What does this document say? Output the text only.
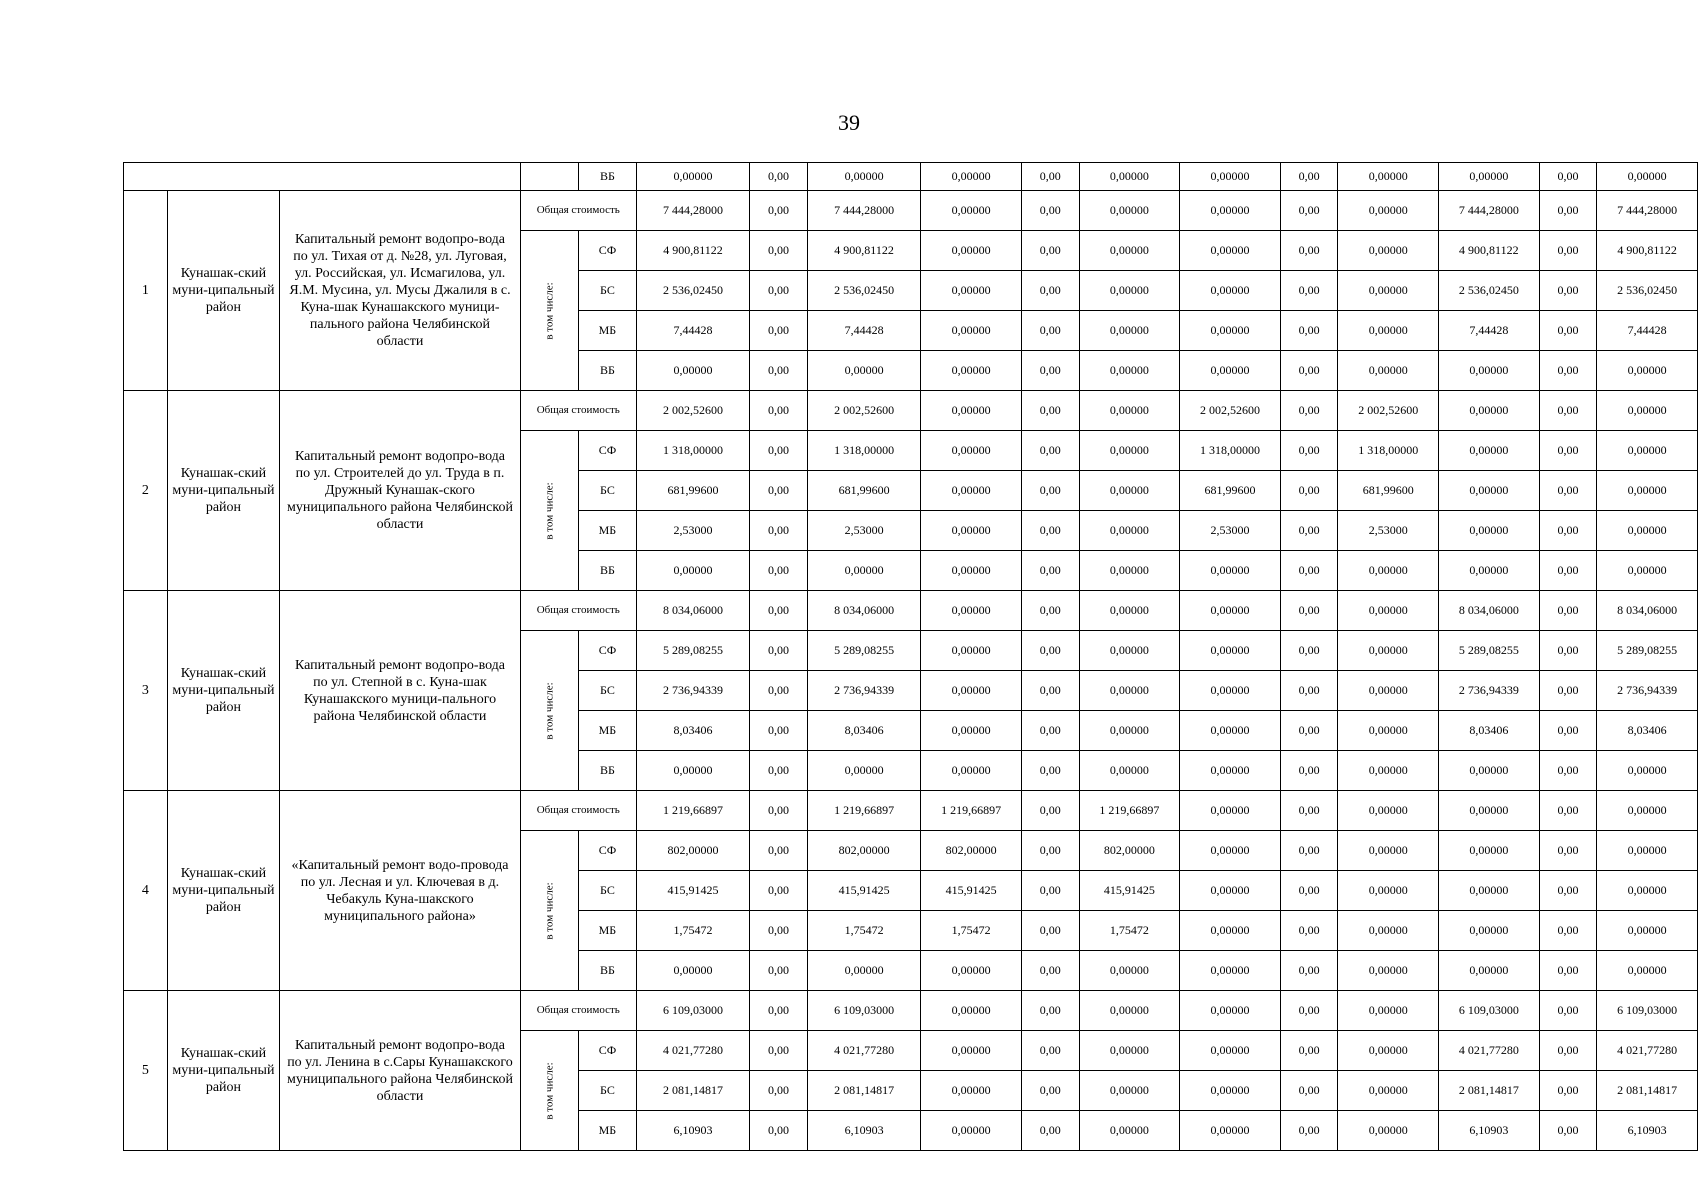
39
				ВБ	0,00000	0,00	0,00000	0,00000	0,00	0,00000	0,00000	0,00	0,00000	0,00000	0,00	0,00000
1	Кунашак-ский муни-ципальный район	Капитальный ремонт водопро-вода по ул. Тихая от д. №28, ул. Луговая, ул. Российская, ул. Исмагилова, ул. Я.М. Мусина, ул. Мусы Джалиля в с. Куна-шак Кунашакского муници-пального района Челябинской области	Общая стоимость		7 444,28000	0,00	7 444,28000	0,00000	0,00	0,00000	0,00000	0,00	0,00000	7 444,28000	0,00	7 444,28000
			в том числе:	СФ	4 900,81122	0,00	4 900,81122	0,00000	0,00	0,00000	0,00000	0,00	0,00000	4 900,81122	0,00	4 900,81122
				БС	2 536,02450	0,00	2 536,02450	0,00000	0,00	0,00000	0,00000	0,00	0,00000	2 536,02450	0,00	2 536,02450
				МБ	7,44428	0,00	7,44428	0,00000	0,00	0,00000	0,00000	0,00	0,00000	7,44428	0,00	7,44428
				ВБ	0,00000	0,00	0,00000	0,00000	0,00	0,00000	0,00000	0,00	0,00000	0,00000	0,00	0,00000
2	Кунашак-ский муни-ципальный район	Капитальный ремонт водопро-вода по ул. Строителей до ул. Труда в п. Дружный Кунашак-ского муниципального района Челябинской области	Общая стоимость		2 002,52600	0,00	2 002,52600	0,00000	0,00	0,00000	2 002,52600	0,00	2 002,52600	0,00000	0,00	0,00000
			в том числе:	СФ	1 318,00000	0,00	1 318,00000	0,00000	0,00	0,00000	1 318,00000	0,00	1 318,00000	0,00000	0,00	0,00000
				БС	681,99600	0,00	681,99600	0,00000	0,00	0,00000	681,99600	0,00	681,99600	0,00000	0,00	0,00000
				МБ	2,53000	0,00	2,53000	0,00000	0,00	0,00000	2,53000	0,00	2,53000	0,00000	0,00	0,00000
				ВБ	0,00000	0,00	0,00000	0,00000	0,00	0,00000	0,00000	0,00	0,00000	0,00000	0,00	0,00000
3	Кунашак-ский муни-ципальный район	Капитальный ремонт водопро-вода по ул. Степной в с. Куна-шак Кунашакского муници-пального района Челябинской области	Общая стоимость		8 034,06000	0,00	8 034,06000	0,00000	0,00	0,00000	0,00000	0,00	0,00000	8 034,06000	0,00	8 034,06000
			в том числе:	СФ	5 289,08255	0,00	5 289,08255	0,00000	0,00	0,00000	0,00000	0,00	0,00000	5 289,08255	0,00	5 289,08255
				БС	2 736,94339	0,00	2 736,94339	0,00000	0,00	0,00000	0,00000	0,00	0,00000	2 736,94339	0,00	2 736,94339
				МБ	8,03406	0,00	8,03406	0,00000	0,00	0,00000	0,00000	0,00	0,00000	8,03406	0,00	8,03406
				ВБ	0,00000	0,00	0,00000	0,00000	0,00	0,00000	0,00000	0,00	0,00000	0,00000	0,00	0,00000
4	Кунашак-ский муни-ципальный район	«Капитальный ремонт водо-провода по ул. Лесная и ул. Ключевая в д. Чебакуль Куна-шакского муниципального района»	Общая стоимость		1 219,66897	0,00	1 219,66897	1 219,66897	0,00	1 219,66897	0,00000	0,00	0,00000	0,00000	0,00	0,00000
			в том числе:	СФ	802,00000	0,00	802,00000	802,00000	0,00	802,00000	0,00000	0,00	0,00000	0,00000	0,00	0,00000
				БС	415,91425	0,00	415,91425	415,91425	0,00	415,91425	0,00000	0,00	0,00000	0,00000	0,00	0,00000
				МБ	1,75472	0,00	1,75472	1,75472	0,00	1,75472	0,00000	0,00	0,00000	0,00000	0,00	0,00000
				ВБ	0,00000	0,00	0,00000	0,00000	0,00	0,00000	0,00000	0,00	0,00000	0,00000	0,00	0,00000
5	Кунашак-ский муни-ципальный район	Капитальный ремонт водопро-вода по ул. Ленина в с.Сары Кунашакского муниципального района Челябинской области	Общая стоимость		6 109,03000	0,00	6 109,03000	0,00000	0,00	0,00000	0,00000	0,00	0,00000	6 109,03000	0,00	6 109,03000
			в том числе:	СФ	4 021,77280	0,00	4 021,77280	0,00000	0,00	0,00000	0,00000	0,00	0,00000	4 021,77280	0,00	4 021,77280
				БС	2 081,14817	0,00	2 081,14817	0,00000	0,00	0,00000	0,00000	0,00	0,00000	2 081,14817	0,00	2 081,14817
				МБ	6,10903	0,00	6,10903	0,00000	0,00	0,00000	0,00000	0,00	0,00000	6,10903	0,00	6,10903
